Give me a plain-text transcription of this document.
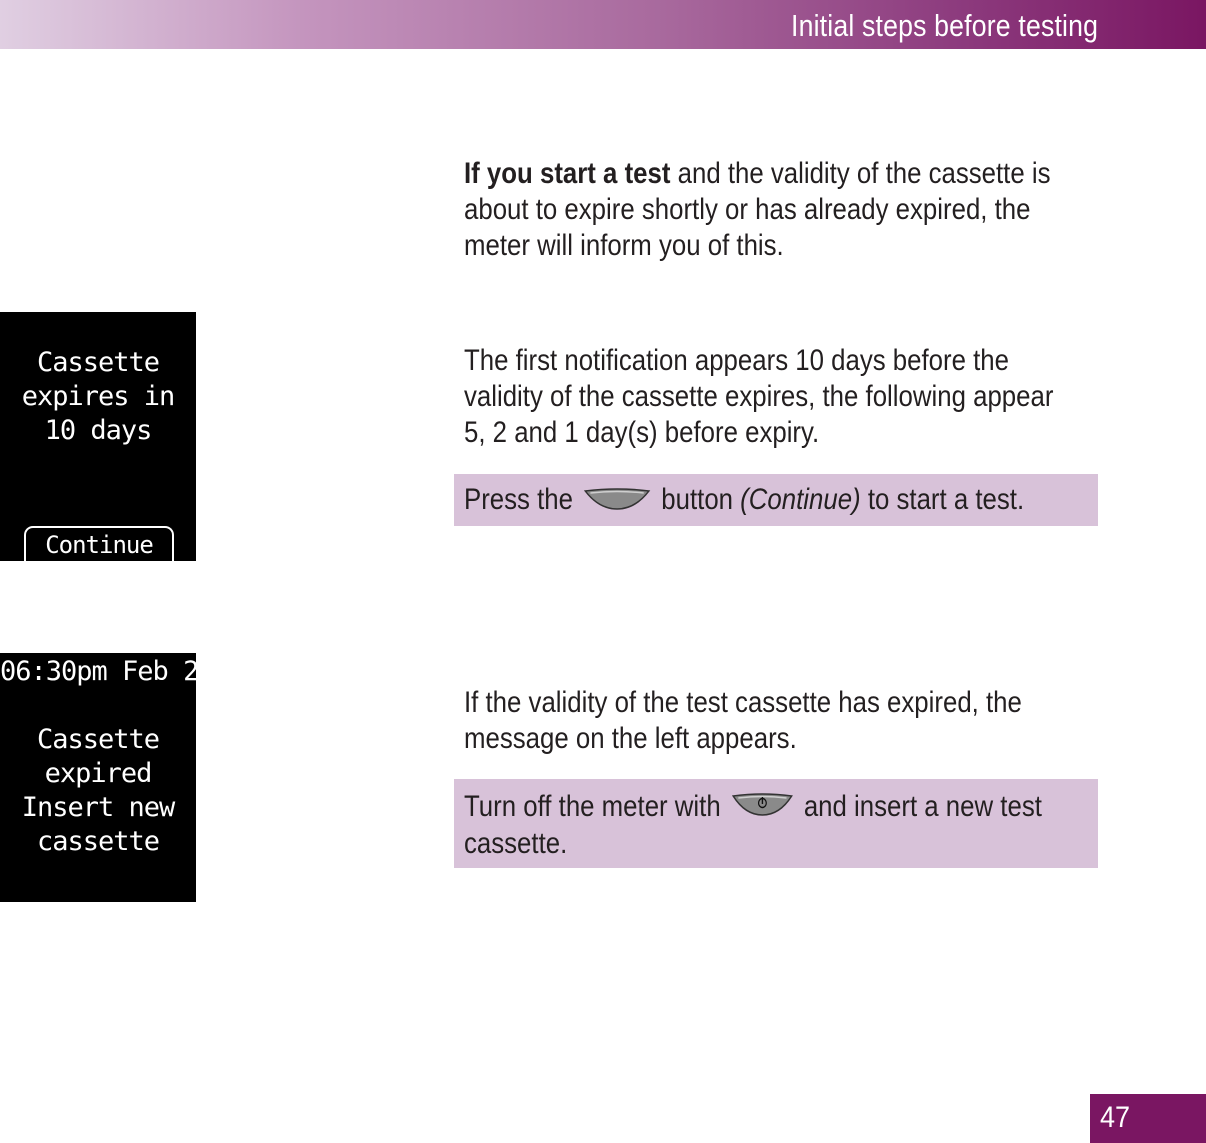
Initial steps before testing

If you start a test and the validity of the cassette is

about to expire shortly or has already expired, the

meter will inform you of this.

Cassette
expires in
10 days
Continue

The first notification appears 10 days before the

validity of the cassette expires, the following appear

5, 2 and 1 day(s) before expiry.

Press the  button (Continue) to start a test.
06:30pm Feb 26
Cassette
expired
Insert new
cassette

If the validity of the test cassette has expired, the

message on the left appears.

Turn off the meter with  and insert a new test
cassette.
47
